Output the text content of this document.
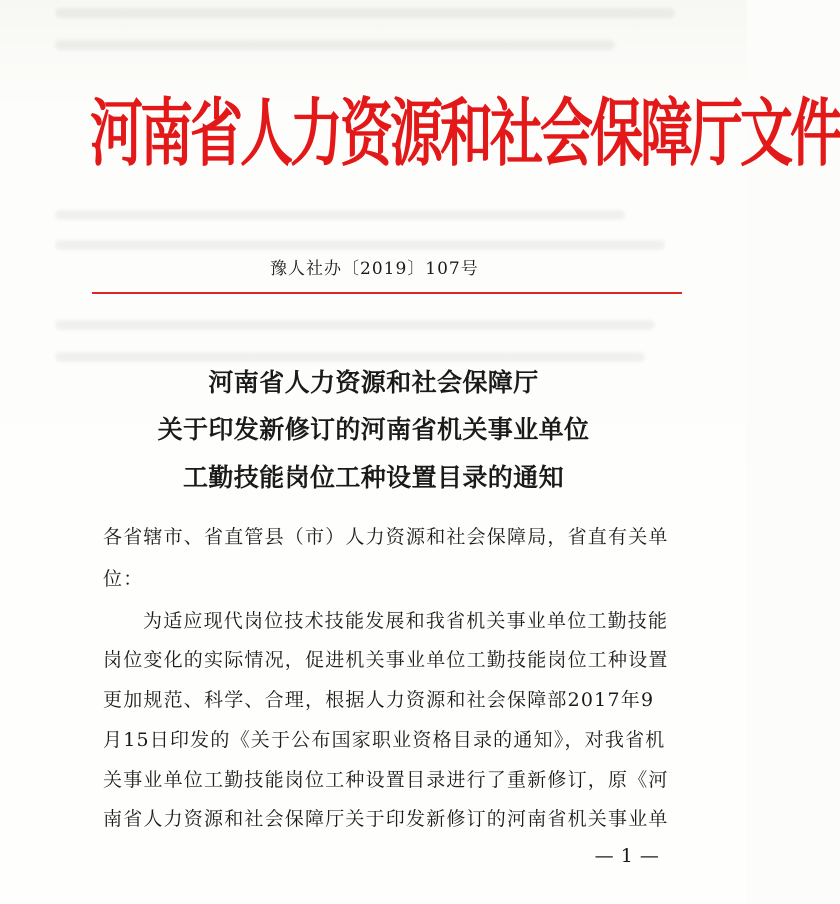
河南省人力资源和社会保障厅文件
豫人社办〔2019〕107号
河南省人力资源和社会保障厅
关于印发新修订的河南省机关事业单位
工勤技能岗位工种设置目录的通知
各省辖市、省直管县（市）人力资源和社会保障局，省直有关单
位：
为适应现代岗位技术技能发展和我省机关事业单位工勤技能
岗位变化的实际情况，促进机关事业单位工勤技能岗位工种设置
更加规范、科学、合理，根据人力资源和社会保障部2017年9
月15日印发的《关于公布国家职业资格目录的通知》，对我省机
关事业单位工勤技能岗位工种设置目录进行了重新修订，原《河
南省人力资源和社会保障厅关于印发新修订的河南省机关事业单
— 1 —
